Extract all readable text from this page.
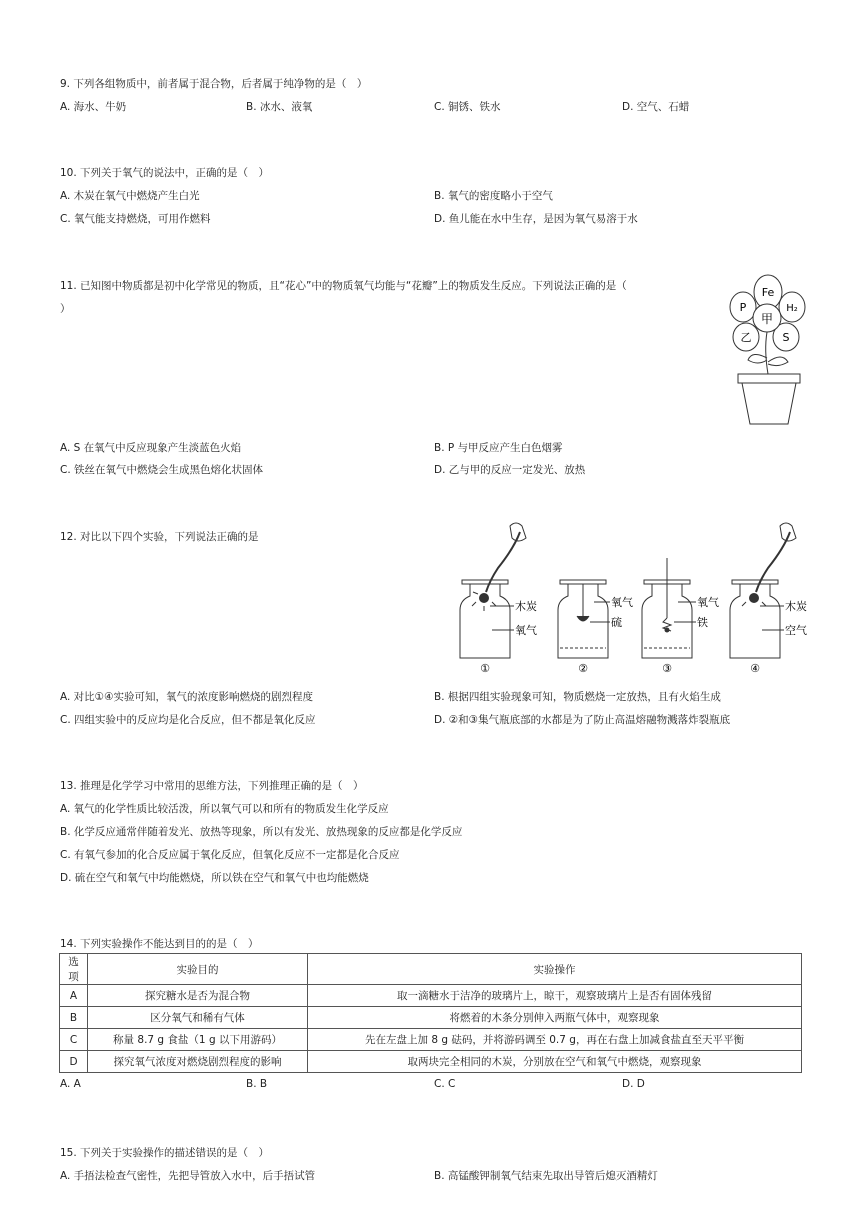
9. 下列各组物质中，前者属于混合物，后者属于纯净物的是（　）
A. 海水、牛奶	B. 冰水、液氧	C. 铜锈、铁水	D. 空气、石蜡
10. 下列关于氧气的说法中，正确的是（　）
A. 木炭在氧气中燃烧产生白光	B. 氧气的密度略小于空气
C. 氧气能支持燃烧，可用作燃料	D. 鱼儿能在水中生存，是因为氧气易溶于水
11. 已知图中物质都是初中化学常见的物质，且“花心”中的物质氧气均能与“花瓣”上的物质发生反应。下列说法正确的是（
）
Fe
P	H₂
乙	S
甲
A. S 在氧气中反应现象产生淡蓝色火焰	B. P 与甲反应产生白色烟雾
C. 铁丝在氧气中燃烧会生成黑色熔化状固体	D. 乙与甲的反应一定发光、放热
12. 对比以下四个实验，下列说法正确的是
木炭
氧气
①
氧气
硫
②
氧气
铁
③
木炭
空气
④
A. 对比①④实验可知，氧气的浓度影响燃烧的剧烈程度	B. 根据四组实验现象可知，物质燃烧一定放热，且有火焰生成
C. 四组实验中的反应均是化合反应，但不都是氧化反应	D. ②和③集气瓶底部的水都是为了防止高温熔融物溅落炸裂瓶底
13. 推理是化学学习中常用的思维方法，下列推理正确的是（　）
A. 氧气的化学性质比较活泼，所以氧气可以和所有的物质发生化学反应
B. 化学反应通常伴随着发光、放热等现象，所以有发光、放热现象的反应都是化学反应
C. 有氧气参加的化合反应属于氧化反应，但氧化反应不一定都是化合反应
D. 硫在空气和氧气中均能燃烧，所以铁在空气和氧气中也均能燃烧
14. 下列实验操作不能达到目的的是（　）
选项	实验目的	实验操作
A	探究糖水是否为混合物	取一滴糖水于洁净的玻璃片上，晾干，观察玻璃片上是否有固体残留
B	区分氧气和稀有气体	将燃着的木条分别伸入两瓶气体中，观察现象
C	称量 8.7 g 食盐（1 g 以下用游码）	先在左盘上加 8 g 砝码，并将游码调至 0.7 g，再在右盘上加减食盐直至天平平衡
D	探究氧气浓度对燃烧剧烈程度的影响	取两块完全相同的木炭，分别放在空气和氧气中燃烧，观察现象
A. A	B. B	C. C	D. D
15. 下列关于实验操作的描述错误的是（　）
A. 手捂法检查气密性，先把导管放入水中，后手捂试管	B. 高锰酸钾制氧气结束先取出导管后熄灭酒精灯
